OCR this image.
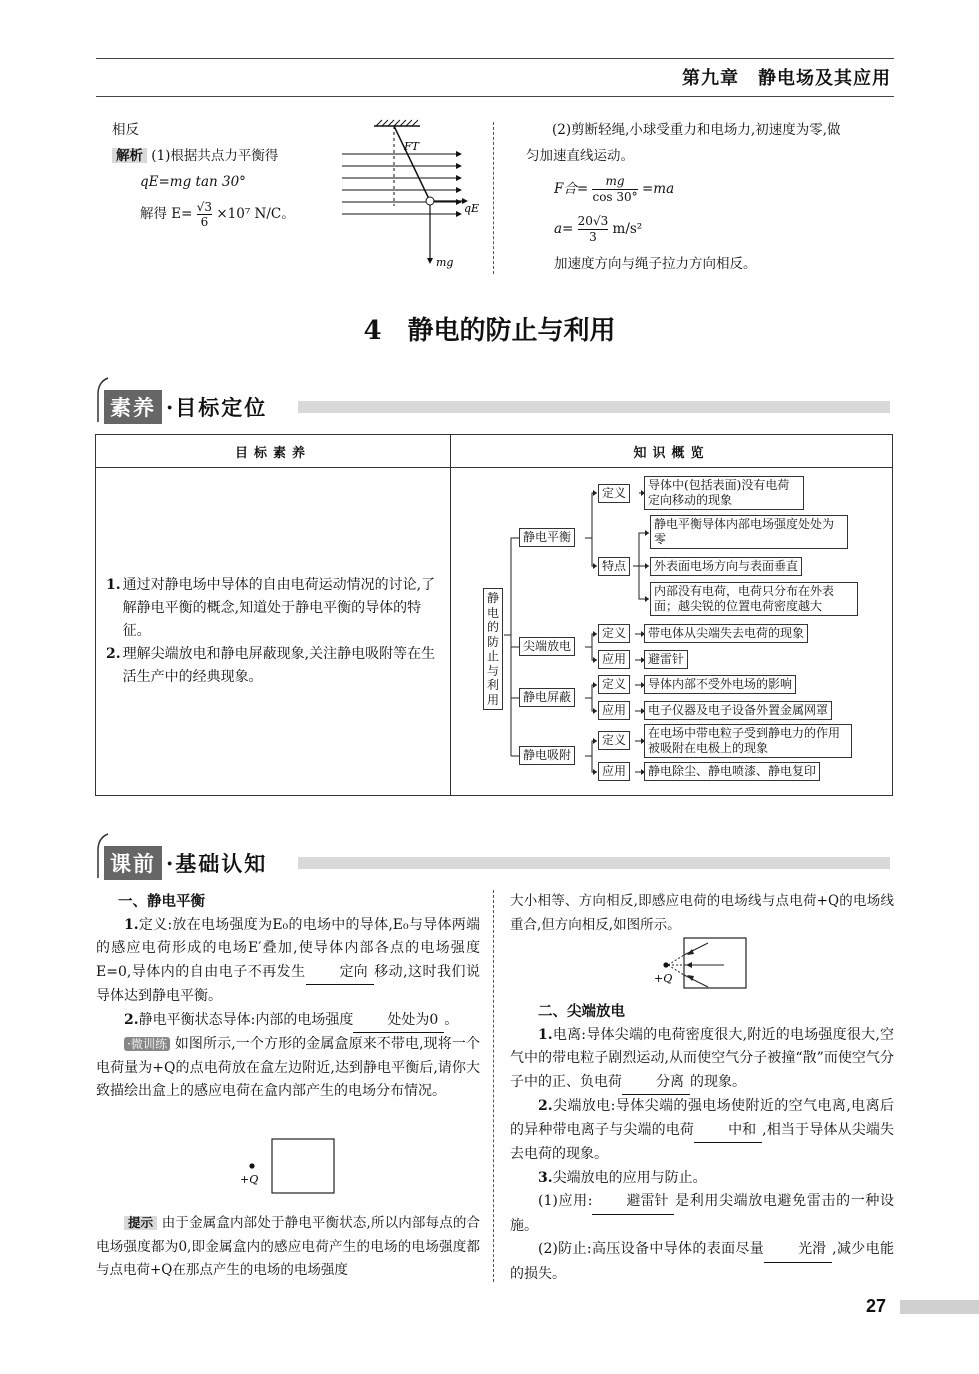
第九章　静电场及其应用
相反
解析 (1)根据共点力平衡得
qE=mg tan 30°
解得 $E= \frac{√3}{6} \times 10^7$ N/C。
FT
qE
mg
(2)剪断轻绳,小球受重力和电场力,初速度为零,做
匀加速直线运动。
F合= $\frac{mg}{\cos 30^\circ} =ma$
$a= \frac{20√3}{3} m/s^2$
加速度方向与绳子拉力方向相反。
4　静电的防止与利用
素养 ·目标定位
目标素养	知识概览

1. 通过对静电场中导体的自由电荷运动情况的讨论,了解静电平衡的概念,知道处于静电平衡的导体的特征。
2. 理解尖端放电和静电屏蔽现象,关注静电吸附等在生活生产中的经典现象。	

静电的防止与利用
静电平衡
定义
导体中(包括表面)没有电荷定向移动的现象
特点
静电平衡导体内部电场强度处处为零
外表面电场方向与表面垂直
内部没有电荷，电荷只分布在外表面；越尖锐的位置电荷密度越大
尖端放电
定义	带电体从尖端失去电荷的现象
应用	避雷针
静电屏蔽
定义	导体内部不受外电场的影响
应用	电子仪器及电子设备外置金属网罩
静电吸附
定义	在电场中带电粒子受到静电力的作用被吸附在电极上的现象
应用	静电除尘、静电喷漆、静电复印
课前 ·基础认知

一、静电平衡

1.定义:放在电场强度为E₀的电场中的导体,E₀与导体两端的感应电荷形成的电场E′叠加,使导体内部各点的电场强度E=0,导体内的自由电子不再发生 定向 移动,这时我们说导体达到静电平衡。

2.静电平衡状态导体:内部的电场强度 处处为0 。

·微训练 如图所示,一个方形的金属盒原来不带电,现将一个电荷量为+Q的点电荷放在盒左边附近,达到静电平衡后,请你大致描绘出盒上的感应电荷在盒内部产生的电场分布情况。

+Q

提示 由于金属盒内部处于静电平衡状态,所以内部每点的合电场强度都为0,即金属盒内的感应电荷产生的电场的电场强度都与点电荷+Q在那点产生的电场的电场强度

大小相等、方向相反,即感应电荷的电场线与点电荷+Q的电场线重合,但方向相反,如图所示。

+Q

二、尖端放电

1.电离:导体尖端的电荷密度很大,附近的电场强度很大,空气中的带电粒子剧烈运动,从而使空气分子被撞“散”而使空气分子中的正、负电荷 分离 的现象。

2.尖端放电:导体尖端的强电场使附近的空气电离,电离后的异种带电离子与尖端的电荷 中和 ,相当于导体从尖端失去电荷的现象。

3.尖端放电的应用与防止。

(1)应用: 避雷针 是利用尖端放电避免雷击的一种设施。

(2)防止:高压设备中导体的表面尽量 光滑 ,减少电能的损失。

27
